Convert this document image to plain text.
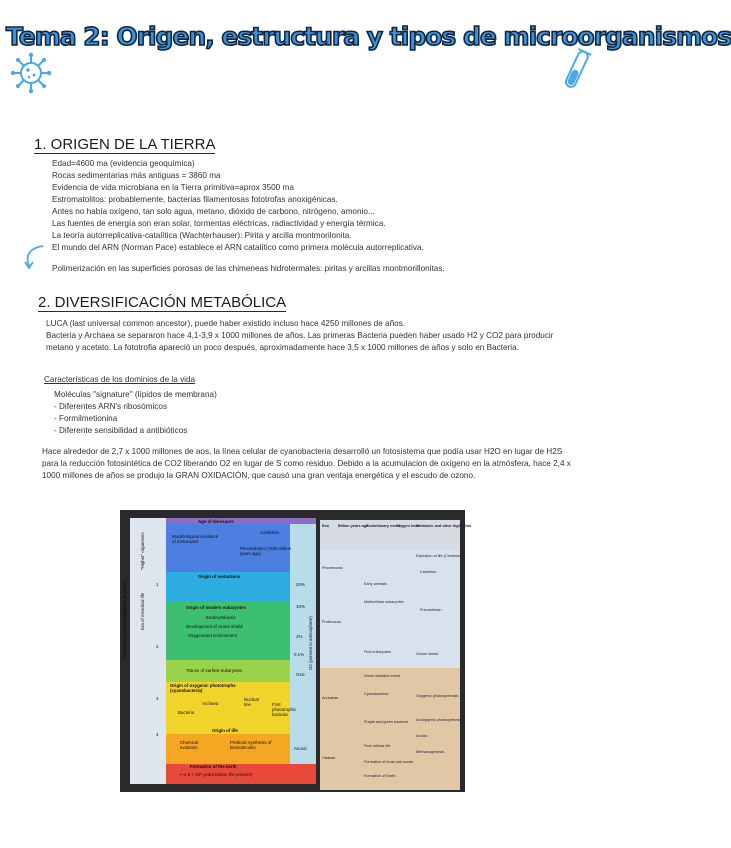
Tema 2: Origen, estructura y tipos de microorganismos
1. ORIGEN DE LA TIERRA
Edad=4600 ma (evidencia geoquímica)
Rocas sedimentarias más antiguas = 3860 ma
Evidencia de vida microbiana en la Tierra primitiva=aprox 3500 ma
Estromatolitos: probablemente, bacterias filamentosas fototrofas anoxigénicas.
Antes no había oxígeno, tan solo agua, metano, dióxido de carbono, nitrógeno, amonio...
Las fuentes de energía son eran solar, tormentas eléctricas, radiactividad y energía térmica.
La teoría autorreplicativa-catalítica (Wachterhauser): Pirita y arcilla montmorilonita.
El mundo del ARN (Norman Pace) establece el ARN catalítico como primera molécula autorreplicativa.
Polimerización en las superficies porosas de las chimeneas hidrotermales: piritas y arcillas montmorillonitas.
2. DIVERSIFICACIÓN METABÓLICA
LUCA (last universal common ancestor), puede haber existido incluso hace 4250 millones de años.
Bacteria y Archaea se separaron hace 4,1-3,9 x 1000 millones de años. Las primeras Bacteria pueden haber usado H2 y CO2 para producir metano y acetato. La fototrofia apareció un poco después, aproximadamente hace 3,5 x 1000 millones de años y solo en Bacteria.
Características de los dominios de la vida
Moléculas "signature" (lípidos de membrana)
- Diferentes ARN's ribosómicos
- Formilmetionina
- Diferente sensibilidad a antibióticos
Hace alrededor de 2,7 x 1000 millones de aos, la línea celular de cyanobacteria desarrolló un fotosistema que podía usar H2O en lugar de H2S para la reducción fotosintética de CO2 liberando O2 en lugar de S como residuo. Debido a la acumulacion de oxígeno en la atmósfera, hace 2,4 x 1000 millones de años se produjo la GRAN OXIDACIÓN, que causó una gran ventaja energética y el escudo de ozono.
Age of dinosaurs
Morphological evolution of metazoans
Cambrian
Precambrian (>500 million years ago)
Origin of metazoans
Origin of modern eukaryotes
Endosymbiosis
Development of ozone shield
Oxygenated environment
Traces of earliest eukaryotes
Origin of oxygenic phototrophs (cyanobacteria)
Archaea
Nuclear line
Bacteria
First phototrophic bacteria
Origin of life
Chemical evolution
Prebiotic synthesis of biomolecules
Formation of the earth
(~4.6 × 10⁹ years before the present)
Time before present (billions of years)	Era of microbial life
"Higher" organisms
1
2
3
4
20%
10%
1%
0.1%
Oxic
Anoxic
O2 (percent in atmosphere)
Eon Billion years ago
Evolutionary event
Oxygen level
Metabolic and other highlights
Phanerozoic
Proterozoic
Archaean
Hadean
Early animals
Multicellular eukaryotes
First eukaryotes
Great oxidation event
Cyanobacteria
Purple and green bacteria
First cellular life
Formation of crust and ocean
Formation of Earth
Explosion of life (Cambrian)
Cambrian
Precambrian
Ozone shield
Oxygenic photosynthesis
Anoxygenic photosynthesis
Anoxic
Methanogenesis
